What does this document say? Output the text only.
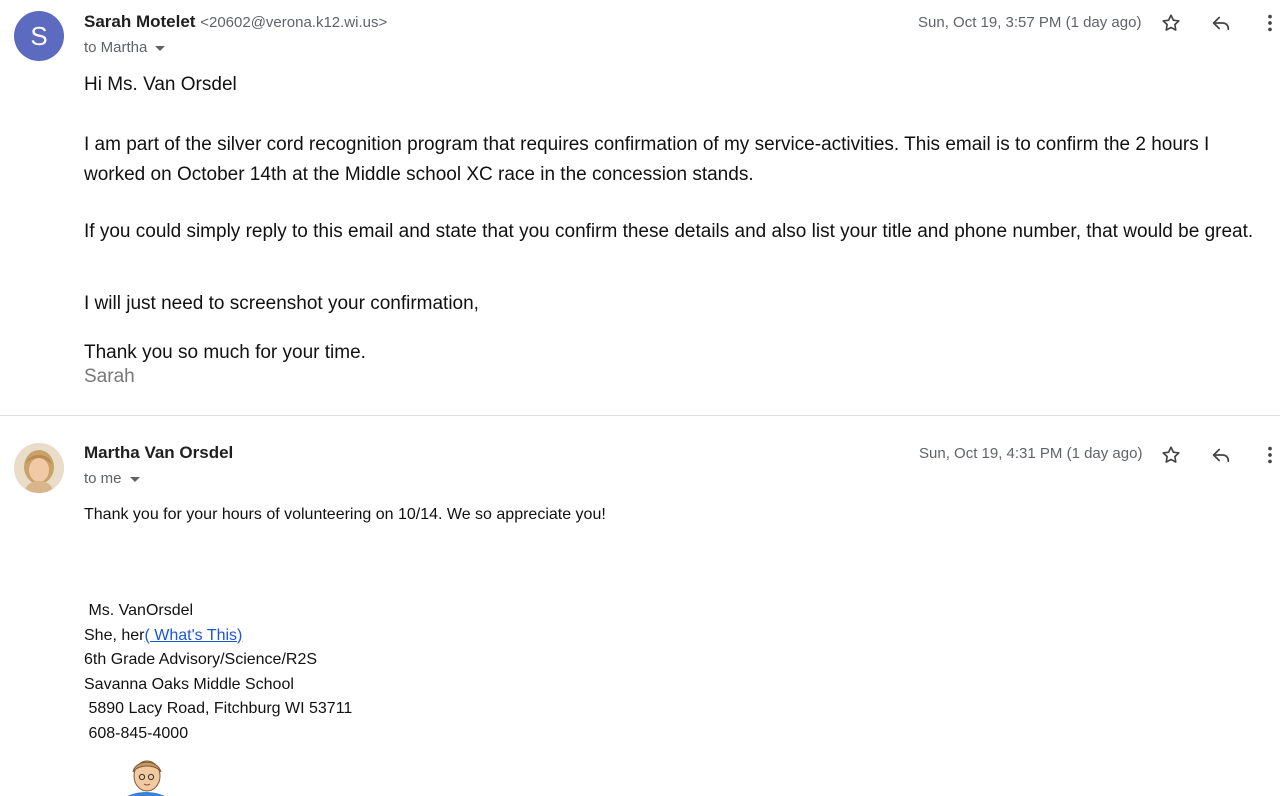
S	Sarah Motelet <20602@verona.k12.wi.us>
to Martha
Sun, Oct 19, 3:57 PM (1 day ago)
Hi Ms. Van Orsdel
I am part of the silver cord recognition program that requires confirmation of my service-activities. This email is to confirm the 2 hours I worked on October 14th at the Middle school XC race in the concession stands.
If you could simply reply to this email and state that you confirm these details and also list your title and phone number, that would be great.
I will just need to screenshot your confirmation,
Thank you so much for your time.
Sarah
Martha Van Orsdel
to me
Sun, Oct 19, 4:31 PM (1 day ago)
Thank you for your hours of volunteering on 10/14. We so appreciate you!
Ms. VanOrsdel
She, her( What's This)
6th Grade Advisory/Science/R2S
Savanna Oaks Middle School
5890 Lacy Road, Fitchburg WI 53711
608-845-4000
